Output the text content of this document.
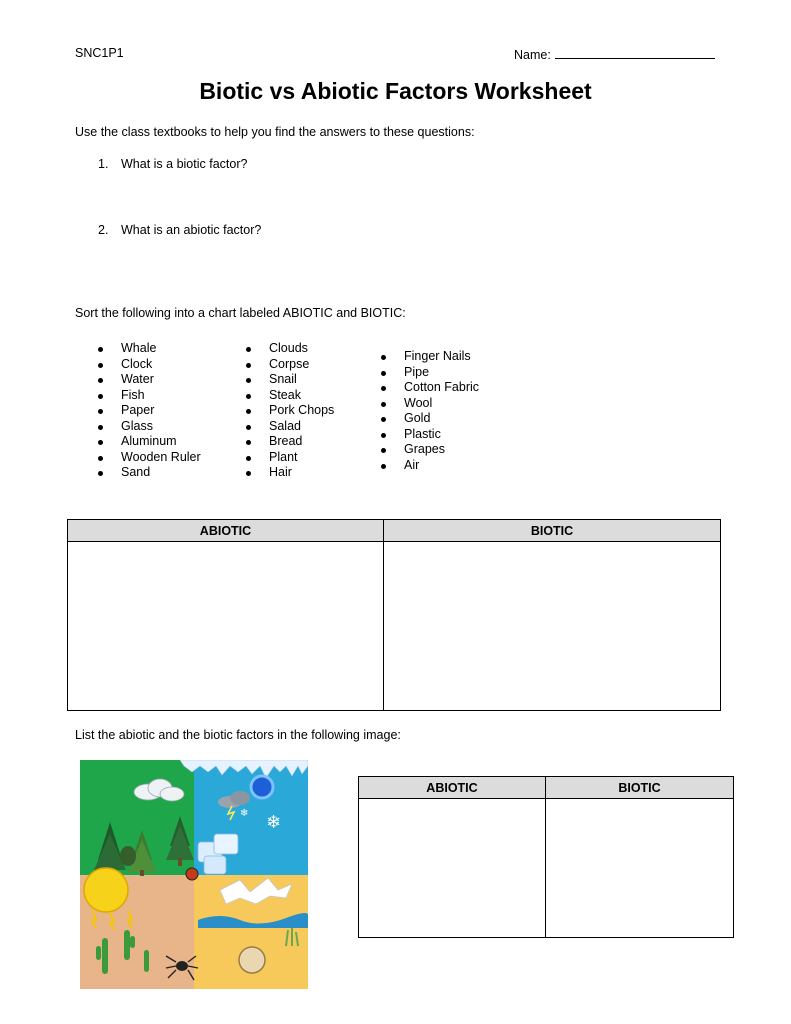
SNC1P1	Name:
Biotic vs Abiotic Factors Worksheet
Use the class textbooks to help you find the answers to these questions:
1. What is a biotic factor?
2. What is an abiotic factor?
Sort the following into a chart labeled ABIOTIC and BIOTIC:
Whale
Clock
Water
Fish
Paper
Glass
Aluminum
Wooden Ruler
Sand
Clouds
Corpse
Snail
Steak
Pork Chops
Salad
Bread
Plant
Hair
Finger Nails
Pipe
Cotton Fabric
Wool
Gold
Plastic
Grapes
Air
ABIOTIC	BIOTIC

List the abiotic and the biotic factors in the following image:
❄
❄
ABIOTIC	BIOTIC
